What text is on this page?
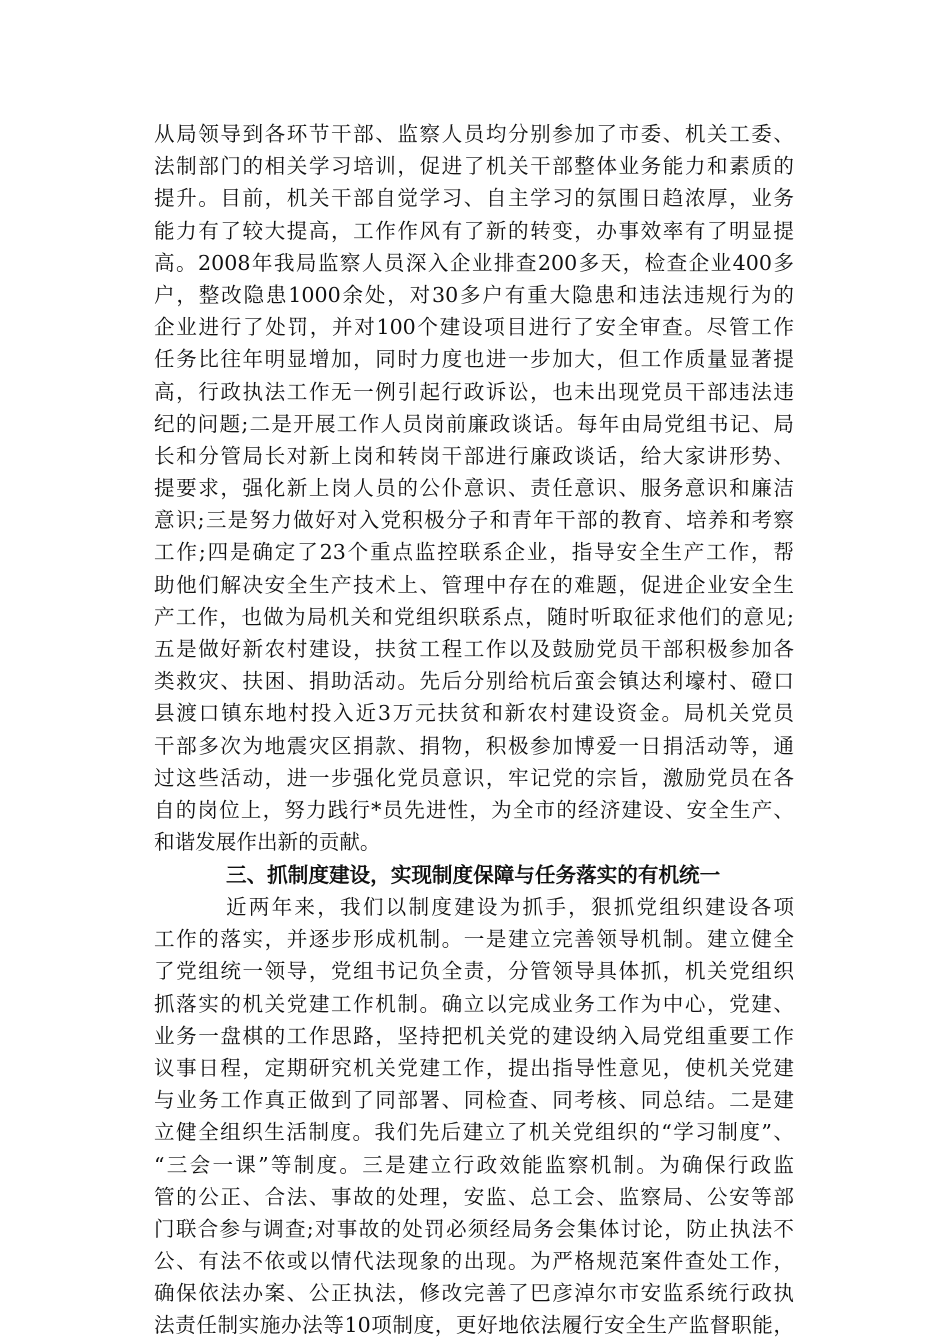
从局领导到各环节干部、监察人员均分别参加了市委、机关工委、
法制部门的相关学习培训，促进了机关干部整体业务能力和素质的
提升。目前，机关干部自觉学习、自主学习的氛围日趋浓厚，业务
能力有了较大提高，工作作风有了新的转变，办事效率有了明显提
高。2008年我局监察人员深入企业排查200多天，检查企业400多
户，整改隐患1000余处，对30多户有重大隐患和违法违规行为的
企业进行了处罚，并对100个建设项目进行了安全审查。尽管工作
任务比往年明显增加，同时力度也进一步加大，但工作质量显著提
高，行政执法工作无一例引起行政诉讼，也未出现党员干部违法违
纪的问题;二是开展工作人员岗前廉政谈话。每年由局党组书记、局
长和分管局长对新上岗和转岗干部进行廉政谈话，给大家讲形势、
提要求，强化新上岗人员的公仆意识、责任意识、服务意识和廉洁
意识;三是努力做好对入党积极分子和青年干部的教育、培养和考察
工作;四是确定了23个重点监控联系企业，指导安全生产工作，帮
助他们解决安全生产技术上、管理中存在的难题，促进企业安全生
产工作，也做为局机关和党组织联系点，随时听取征求他们的意见;
五是做好新农村建设，扶贫工程工作以及鼓励党员干部积极参加各
类救灾、扶困、捐助活动。先后分别给杭后蛮会镇达利壕村、磴口
县渡口镇东地村投入近3万元扶贫和新农村建设资金。局机关党员
干部多次为地震灾区捐款、捐物，积极参加博爱一日捐活动等，通
过这些活动，进一步强化党员意识，牢记党的宗旨，激励党员在各
自的岗位上，努力践行*员先进性，为全市的经济建设、安全生产、
和谐发展作出新的贡献。
三、抓制度建设，实现制度保障与任务落实的有机统一
近两年来，我们以制度建设为抓手，狠抓党组织建设各项
工作的落实，并逐步形成机制。一是建立完善领导机制。建立健全
了党组统一领导，党组书记负全责，分管领导具体抓，机关党组织
抓落实的机关党建工作机制。确立以完成业务工作为中心，党建、
业务一盘棋的工作思路，坚持把机关党的建设纳入局党组重要工作
议事日程，定期研究机关党建工作，提出指导性意见，使机关党建
与业务工作真正做到了同部署、同检查、同考核、同总结。二是建
立健全组织生活制度。我们先后建立了机关党组织的“学习制度”、
“三会一课”等制度。三是建立行政效能监察机制。为确保行政监
管的公正、合法、事故的处理，安监、总工会、监察局、公安等部
门联合参与调查;对事故的处罚必须经局务会集体讨论，防止执法不
公、有法不依或以情代法现象的出现。为严格规范案件查处工作，
确保依法办案、公正执法，修改完善了巴彦淖尔市安监系统行政执
法责任制实施办法等10项制度，更好地依法履行安全生产监督职能，
